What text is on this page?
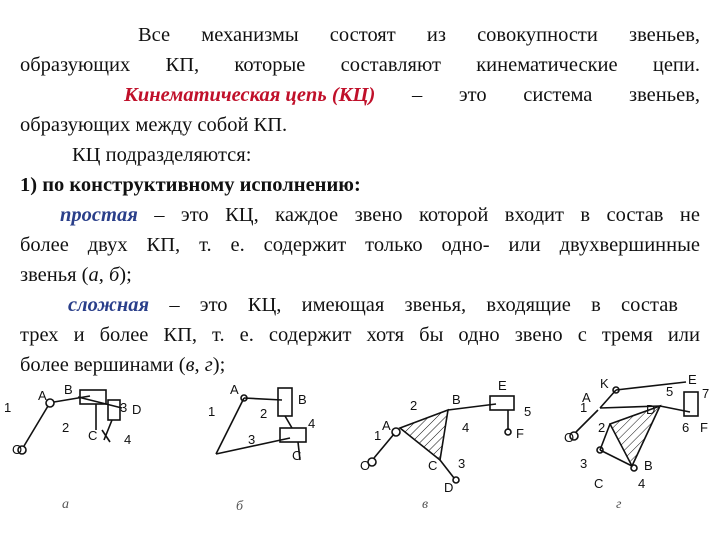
Все механизмы состоят из совокупности звеньев,
образующих КП, которые составляют кинематические цепи.
Кинематическая цепь (КЦ) – это система звеньев,
образующих между собой КП.
КЦ подразделяются:
1) по конструктивному исполнению:
простая – это КЦ, каждое звено которой входит в состав не
более двух КП, т. е. содержит только одно- или двухвершинные
звенья (а, б);
сложная – это КЦ, имеющая звенья, входящие в состав
трех и более КП, т. е. содержит хотя бы одно звено с тремя или
более вершинами (в, г);
O
1
A
2
B
3 D
C 4
а
1
A
2
B
3
4
C
б
O
1
A
2	B
E
4
5
F
C 3
D
в
O
1
A
K	E
7
5
D
6 F
2
3
C
B
4
г
